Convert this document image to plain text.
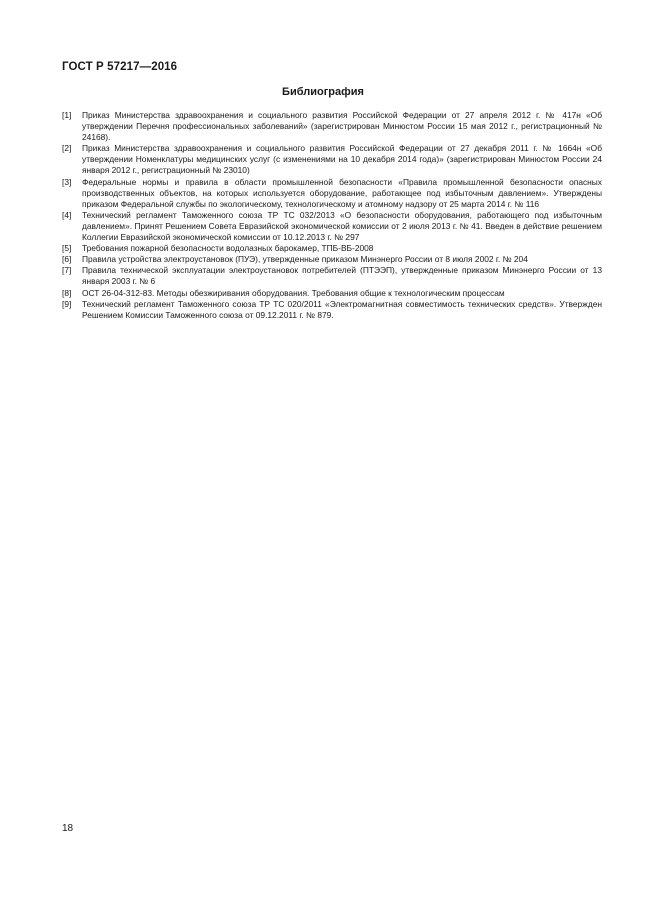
ГОСТ Р 57217—2016
Библиография
[1]	Приказ Министерства здравоохранения и социального развития Российской Федерации от 27 апреля 2012 г. № 417н «Об утверждении Перечня профессиональных заболеваний» (зарегистрирован Минюстом России 15 мая 2012 г., регистрационный № 24168).
[2]	Приказ Министерства здравоохранения и социального развития Российской Федерации от 27 декабря 2011 г. № 1664н «Об утверждении Номенклатуры медицинских услуг (с изменениями на 10 декабря 2014 года)» (зарегистрирован Минюстом России 24 января 2012 г., регистрационный № 23010)
[3]	Федеральные нормы и правила в области промышленной безопасности «Правила промышленной безопасности опасных производственных объектов, на которых используется оборудование, работающее под избыточным давлением». Утверждены приказом Федеральной службы по экологическому, технологическому и атомному надзору от 25 марта 2014 г. № 116
[4]	Технический регламент Таможенного союза ТР ТС 032/2013 «О безопасности оборудования, работающего под избыточным давлением». Принят Решением Совета Евразийской экономической комиссии от 2 июля 2013 г. № 41. Введен в действие решением Коллегии Евразийской экономической комиссии от 10.12.2013 г. № 297
[5]	Требования пожарной безопасности водолазных барокамер, ТПБ-ВБ-2008
[6]	Правила устройства электроустановок (ПУЭ), утвержденные приказом Минэнерго России от 8 июля 2002 г. № 204
[7]	Правила технической эксплуатации электроустановок потребителей (ПТЭЭП), утвержденные приказом Минэнерго России от 13 января 2003 г. № 6
[8]	ОСТ 26-04-312-83. Методы обезжиривания оборудования. Требования общие к технологическим процессам
[9]	Технический регламент Таможенного союза ТР ТС 020/2011 «Электромагнитная совместимость технических средств». Утвержден Решением Комиссии Таможенного союза от 09.12.2011 г. № 879.
18
